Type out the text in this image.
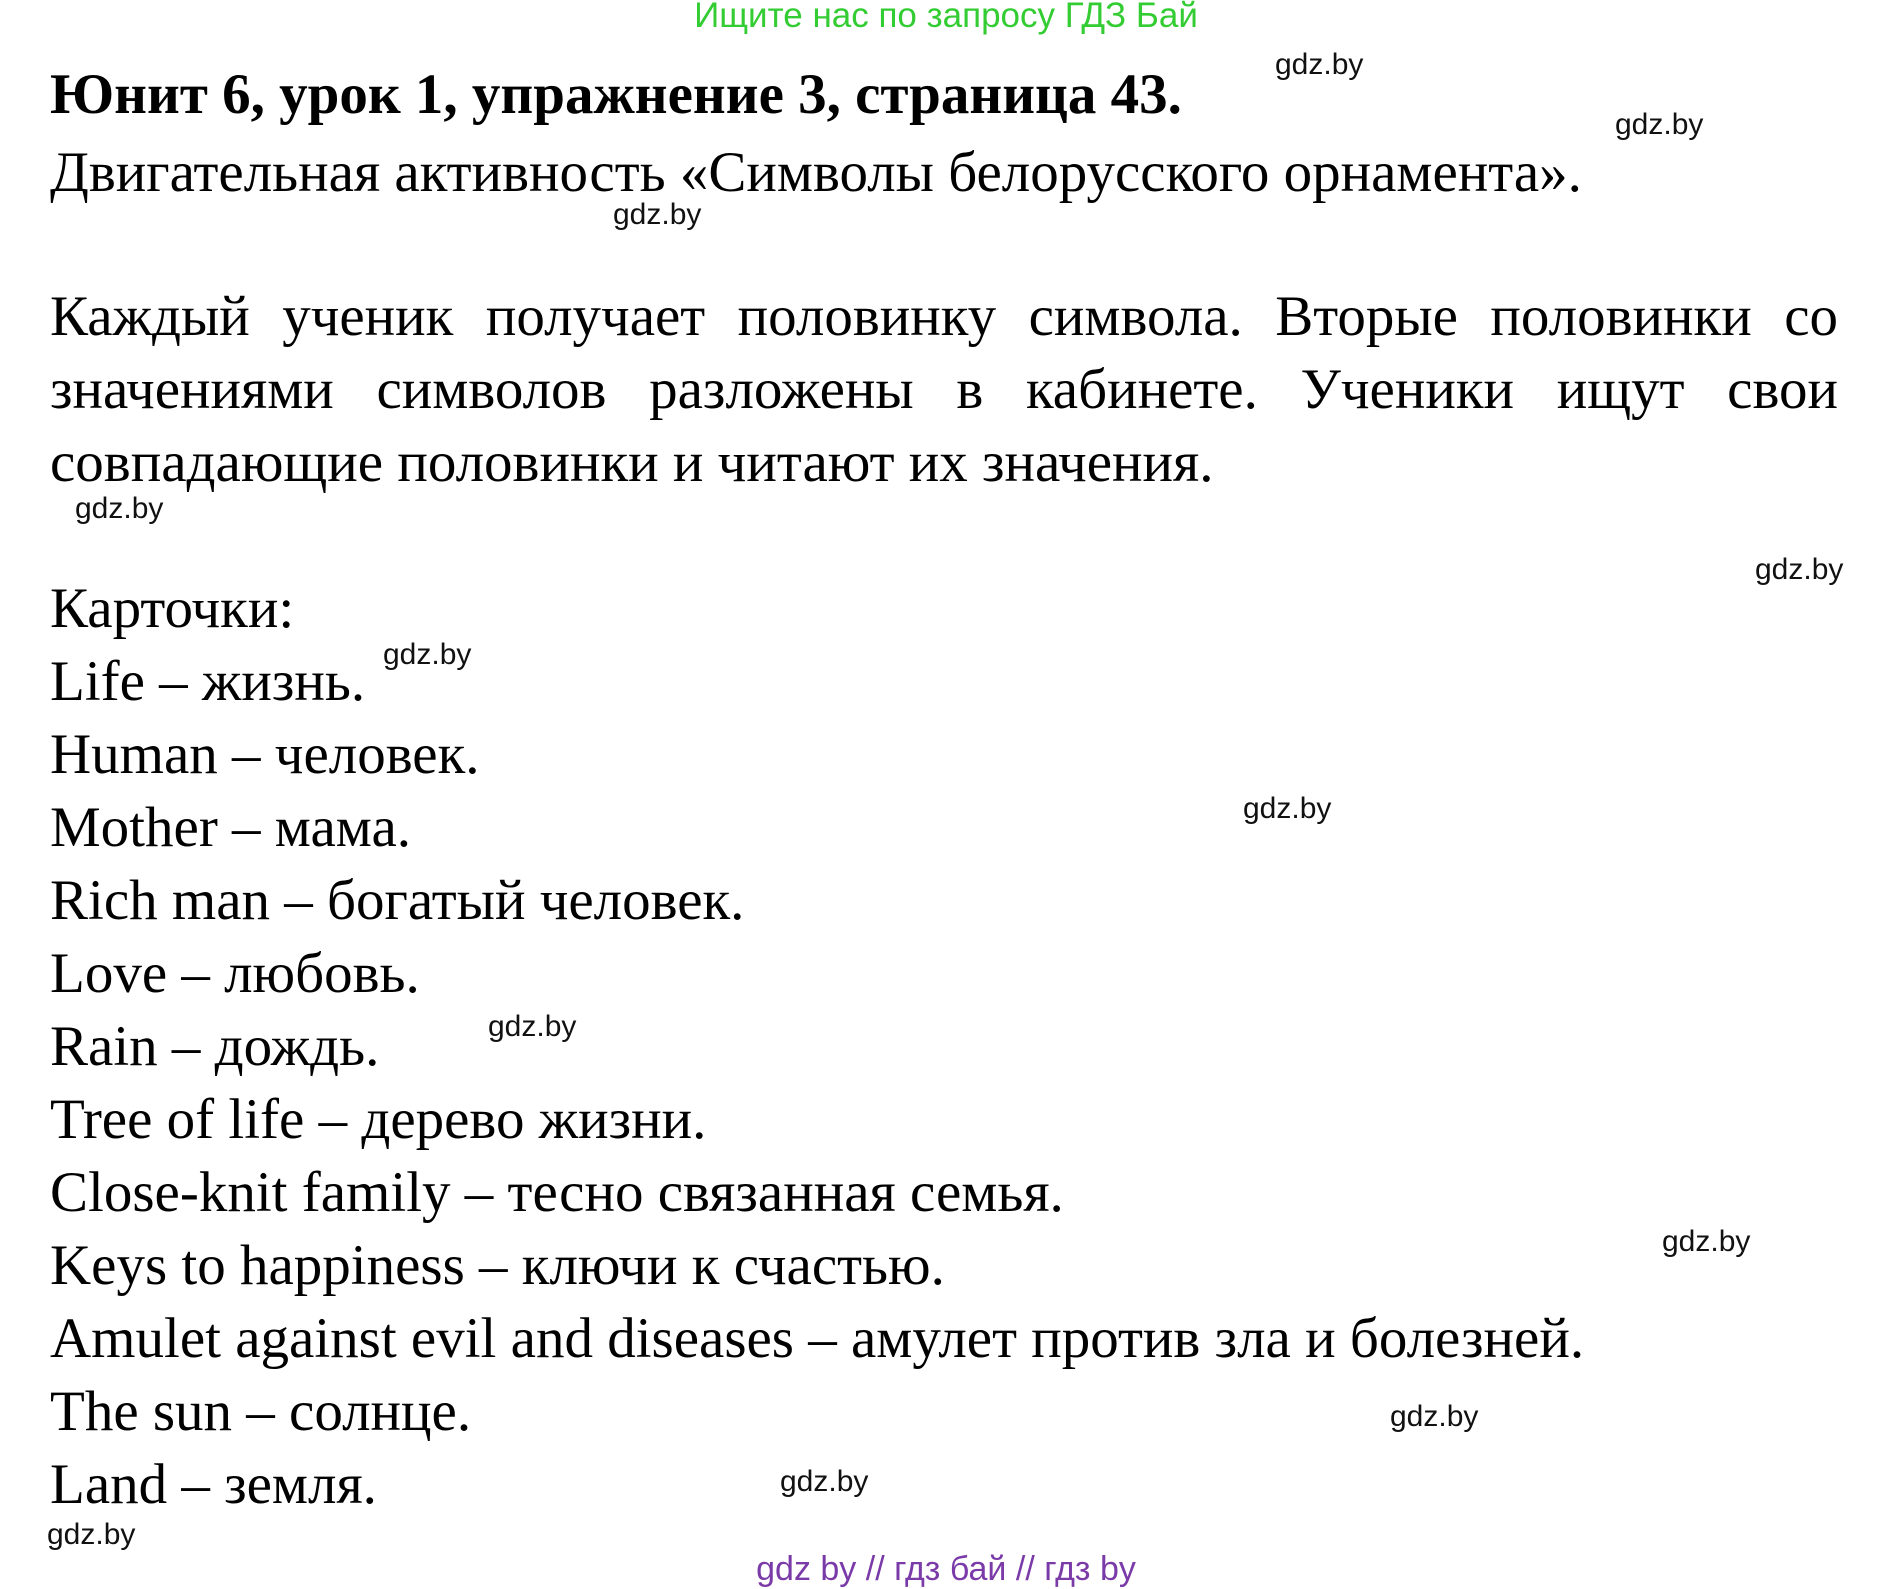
Ищите нас по запросу ГДЗ Бай
Юнит 6, урок 1, упражнение 3, страница 43.

Двигательная активность «Символы белорусского орнамента».

Каждый ученик получает половинку символа. Вторые половинки со значениями символов разложены в кабинете. Ученики ищут свои совпадающие половинки и читают их значения.

Карточки:

Life – жизнь.
Human – человек.
Mother – мама.
Rich man – богатый человек.
Love – любовь.
Rain – дождь.
Tree of life – дерево жизни.
Close-knit family – тесно связанная семья.
Keys to happiness – ключи к счастью.
Amulet against evil and diseases – амулет против зла и болезней.
The sun – солнце.
Land – земля.
gdz.by
gdz.by
gdz.by
gdz.by
gdz.by
gdz.by
gdz.by
gdz.by
gdz.by
gdz.by
gdz.by
gdz.by
gdz by // гдз бай // гдз by
